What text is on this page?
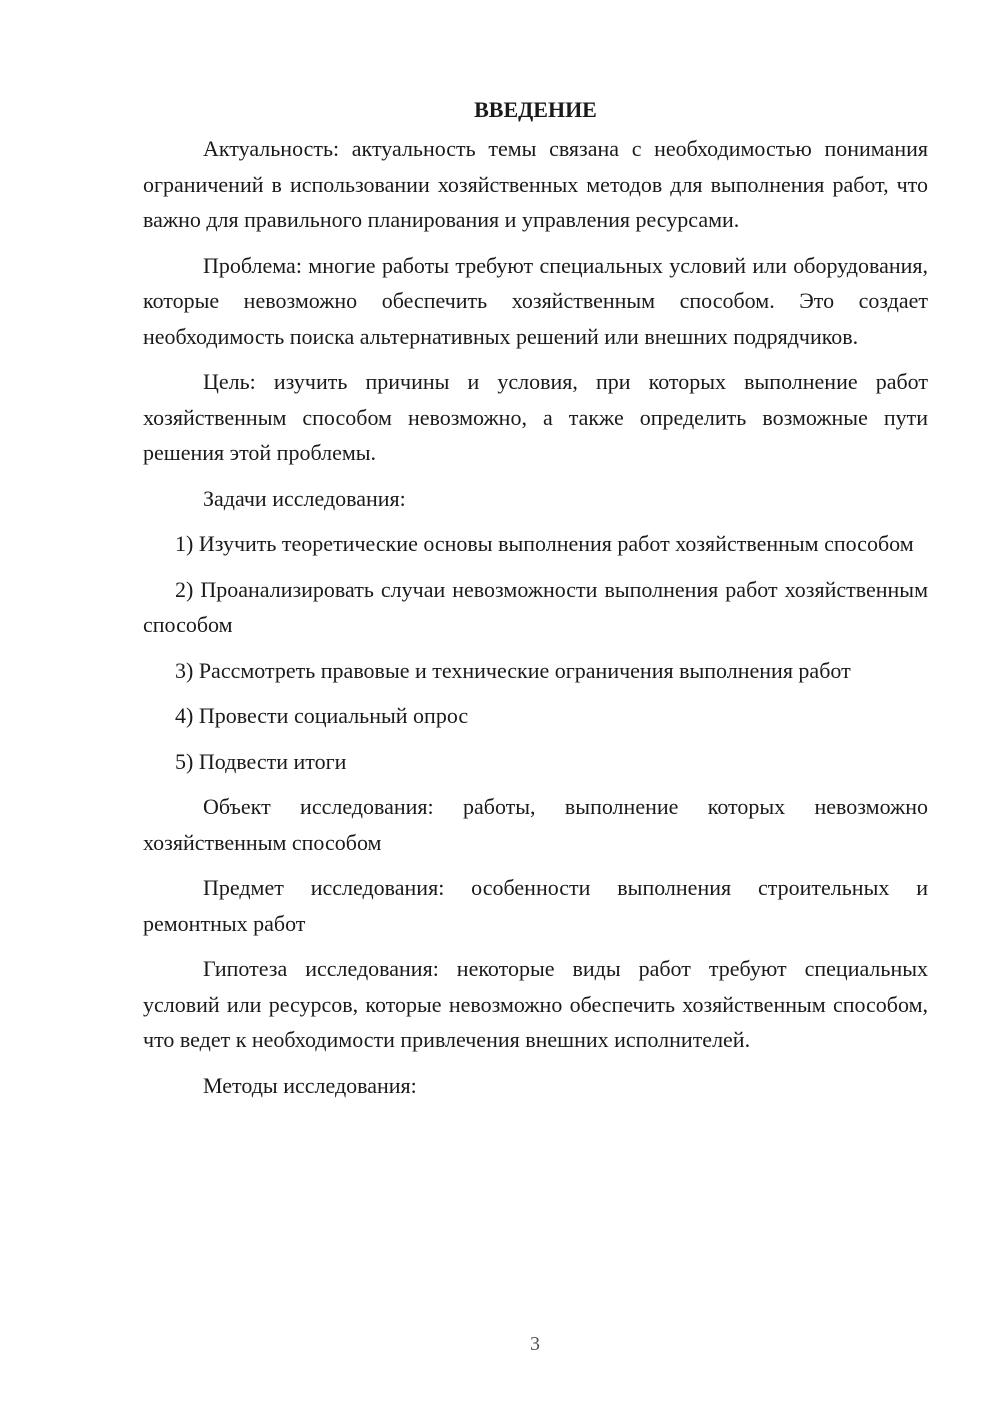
ВВЕДЕНИЕ

Актуальность: актуальность темы связана с необходимостью понимания ограничений в использовании хозяйственных методов для выполнения работ, что важно для правильного планирования и управления ресурсами.

Проблема: многие работы требуют специальных условий или оборудования, которые невозможно обеспечить хозяйственным способом. Это создает необходимость поиска альтернативных решений или внешних подрядчиков.

Цель: изучить причины и условия, при которых выполнение работ хозяйственным способом невозможно, а также определить возможные пути решения этой проблемы.

Задачи исследования:

1) Изучить теоретические основы выполнения работ хозяйственным способом

2) Проанализировать случаи невозможности выполнения работ хозяйственным способом

3) Рассмотреть правовые и технические ограничения выполнения работ

4) Провести социальный опрос

5) Подвести итоги

Объект исследования: работы, выполнение которых невозможно хозяйственным способом

Предмет исследования: особенности выполнения строительных и ремонтных работ

Гипотеза исследования: некоторые виды работ требуют специальных условий или ресурсов, которые невозможно обеспечить хозяйственным способом, что ведет к необходимости привлечения внешних исполнителей.

Методы исследования:

3
